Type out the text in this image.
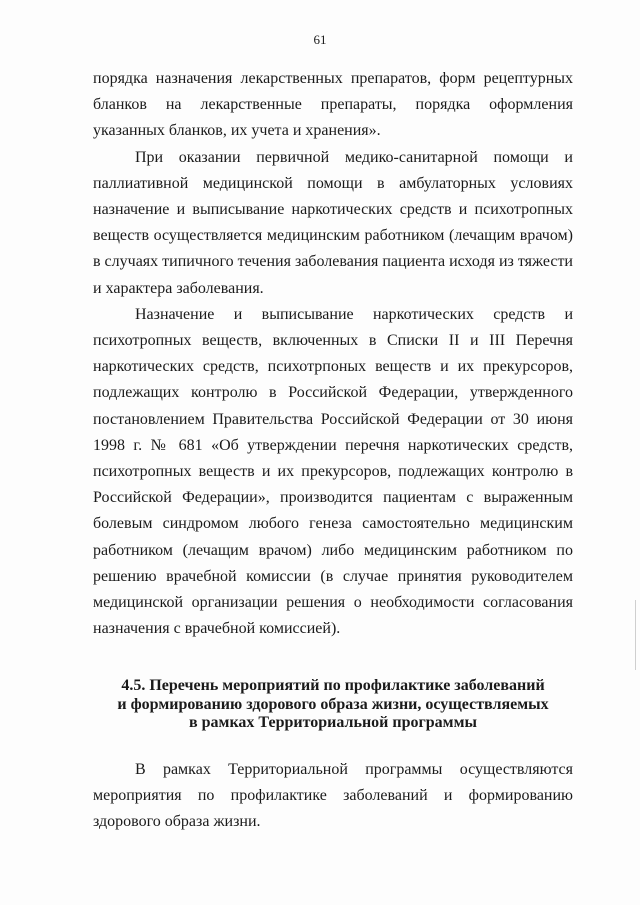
61

порядка назначения лекарственных препаратов, форм рецептурных бланков на лекарственные препараты, порядка оформления указанных бланков, их учета и хранения».

При оказании первичной медико-санитарной помощи и паллиативной медицинской помощи в амбулаторных условиях назначение и выписывание наркотических средств и психотропных веществ осуществляется медицинским работником (лечащим врачом) в случаях типичного течения заболевания пациента исходя из тяжести и характера заболевания.

Назначение и выписывание наркотических средств и психотропных веществ, включенных в Списки II и III Перечня наркотических средств, психотрпоных веществ и их прекурсоров, подлежащих контролю в Российской Федерации, утвержденного постановлением Правительства Российской Федерации от 30 июня 1998 г. № 681 «Об утверждении перечня наркотических средств, психотропных веществ и их прекурсоров, подлежащих контролю в Российской Федерации», производится пациентам с выраженным болевым синдромом любого генеза самостоятельно медицинским работником (лечащим врачом) либо медицинским работником по решению врачебной комиссии (в случае принятия руководителем медицинской организации решения о необходимости согласования назначения с врачебной комиссией).

4.5. Перечень мероприятий по профилактике заболеваний
и формированию здорового образа жизни, осуществляемых
в рамках Территориальной программы

В рамках Территориальной программы осуществляются мероприятия по профилактике заболеваний и формированию здорового образа жизни.
